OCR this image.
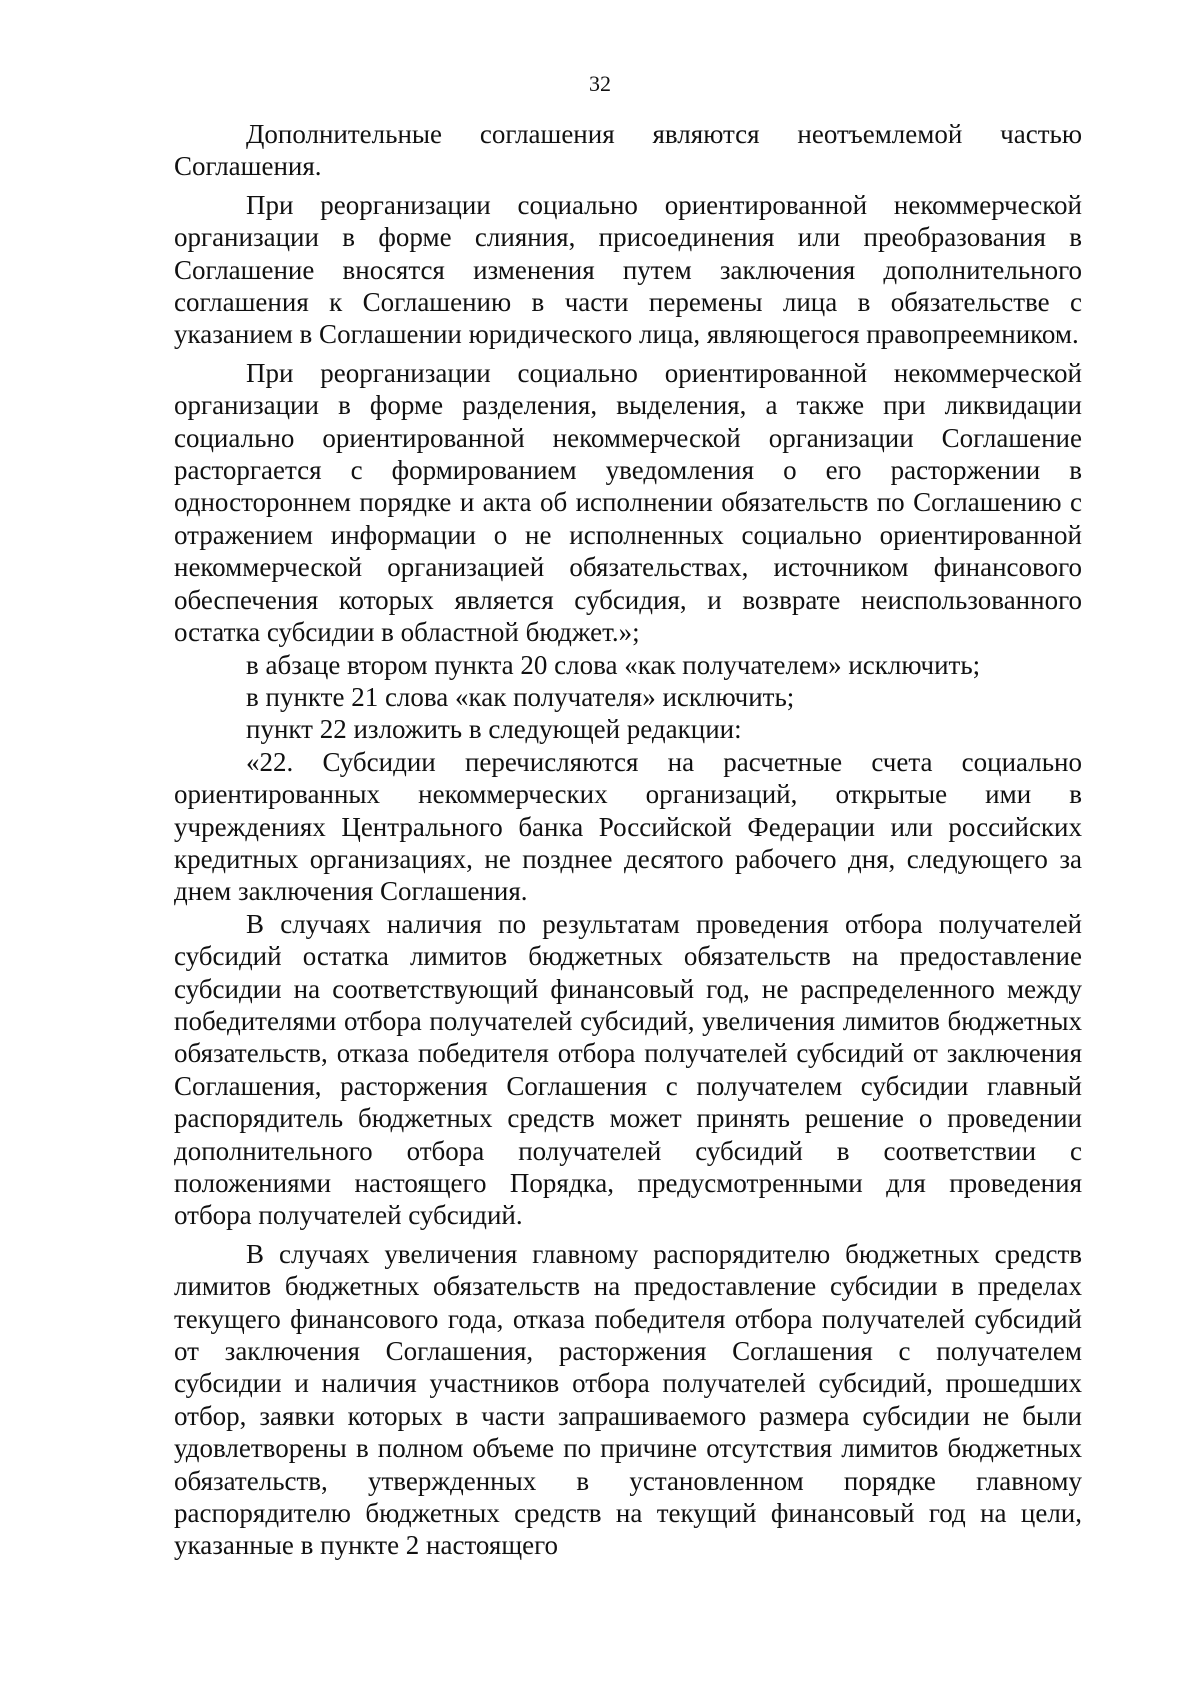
32

Дополнительные соглашения являются неотъемлемой частью Соглашения.

При реорганизации социально ориентированной некоммерческой организации в форме слияния, присоединения или преобразования в Соглашение вносятся изменения путем заключения дополнительного соглашения к Соглашению в части перемены лица в обязательстве с указанием в Соглашении юридического лица, являющегося правопреемником.

При реорганизации социально ориентированной некоммерческой организации в форме разделения, выделения, а также при ликвидации социально ориентированной некоммерческой организации Соглашение расторгается с формированием уведомления о его расторжении в одностороннем порядке и акта об исполнении обязательств по Соглашению с отражением информации о не исполненных социально ориентированной некоммерческой организацией обязательствах, источником финансового обеспечения которых является субсидия, и возврате неиспользованного остатка субсидии в областной бюджет.»;

в абзаце втором пункта 20 слова «как получателем» исключить;

в пункте 21 слова «как получателя» исключить;

пункт 22 изложить в следующей редакции:

«22. Субсидии перечисляются на расчетные счета социально ориентированных некоммерческих организаций, открытые ими в учреждениях Центрального банка Российской Федерации или российских кредитных организациях, не позднее десятого рабочего дня, следующего за днем заключения Соглашения.

В случаях наличия по результатам проведения отбора получателей субсидий остатка лимитов бюджетных обязательств на предоставление субсидии на соответствующий финансовый год, не распределенного между победителями отбора получателей субсидий, увеличения лимитов бюджетных обязательств, отказа победителя отбора получателей субсидий от заключения Соглашения, расторжения Соглашения с получателем субсидии главный распорядитель бюджетных средств может принять решение о проведении дополнительного отбора получателей субсидий в соответствии с положениями настоящего Порядка, предусмотренными для проведения отбора получателей субсидий.

В случаях увеличения главному распорядителю бюджетных средств лимитов бюджетных обязательств на предоставление субсидии в пределах текущего финансового года, отказа победителя отбора получателей субсидий от заключения Соглашения, расторжения Соглашения с получателем субсидии и наличия участников отбора получателей субсидий, прошедших отбор, заявки которых в части запрашиваемого размера субсидии не были удовлетворены в полном объеме по причине отсутствия лимитов бюджетных обязательств, утвержденных в установленном порядке главному распорядителю бюджетных средств на текущий финансовый год на цели, указанные в пункте 2 настоящего
